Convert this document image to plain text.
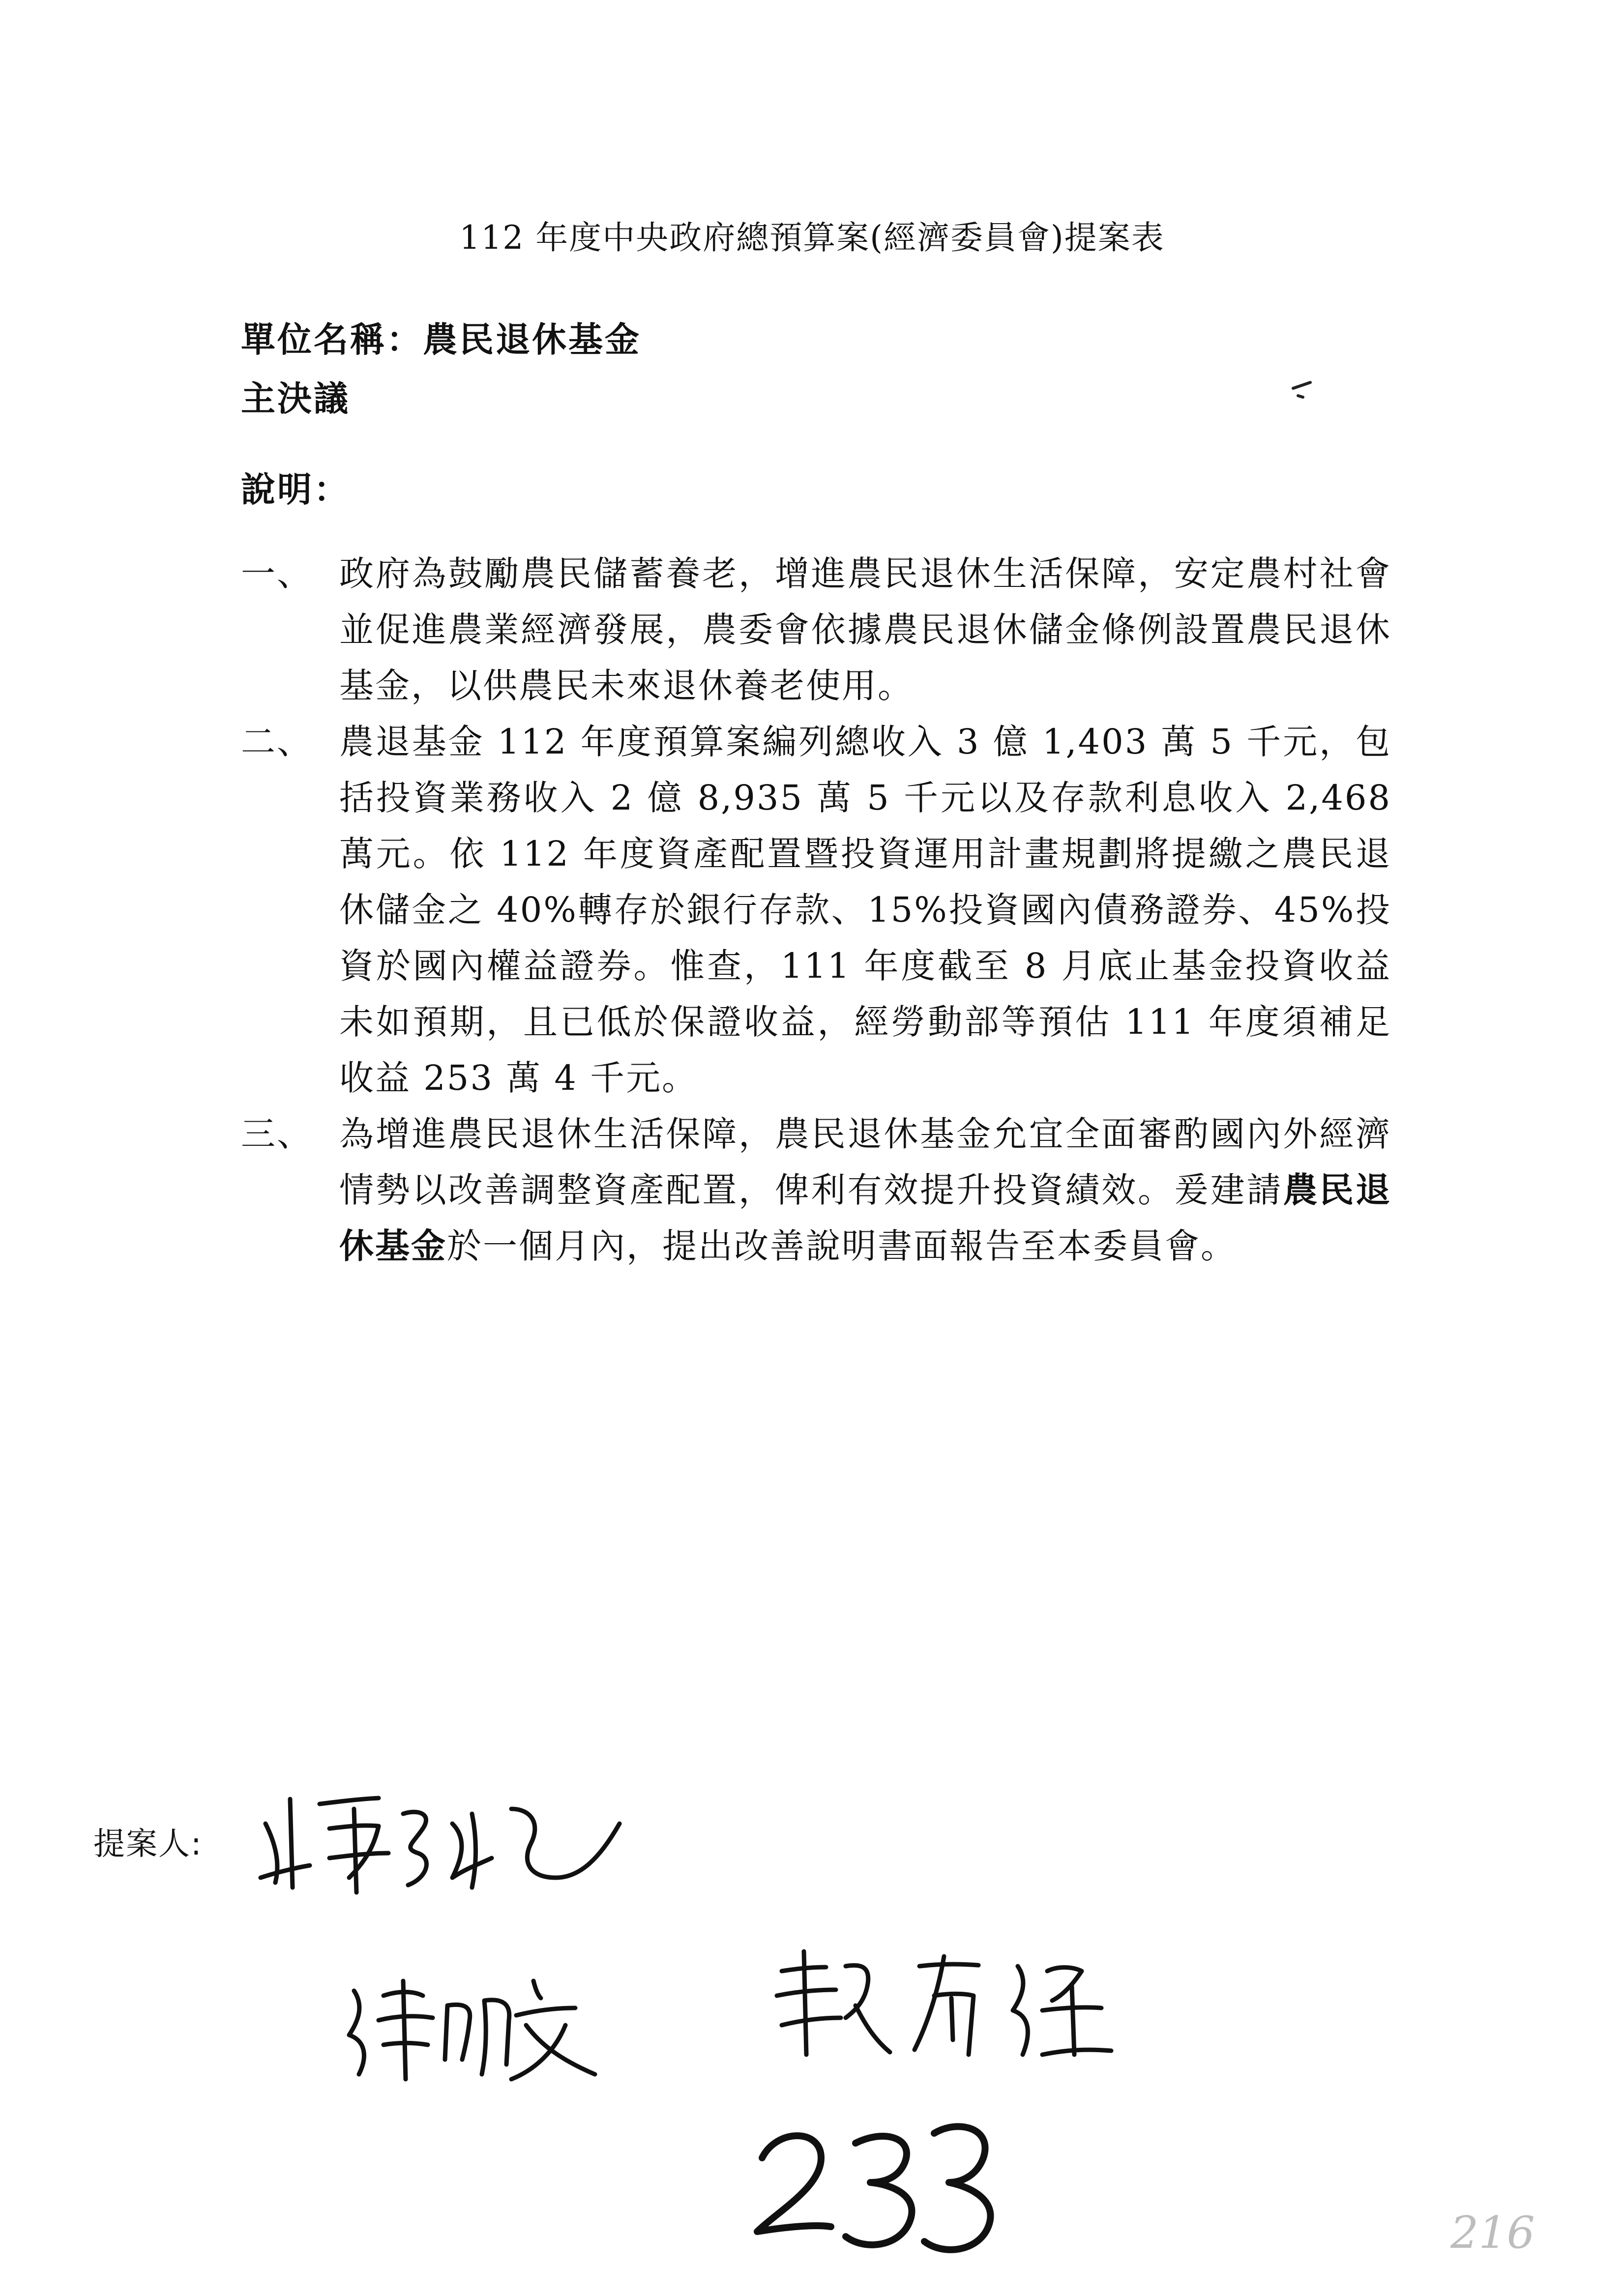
112 年度中央政府總預算案(經濟委員會)提案表
單位名稱：農民退休基金
主決議
說明：
一、 政府為鼓勵農民儲蓄養老，增進農民退休生活保障，安定農村社會並促進農業經濟發展，農委會依據農民退休儲金條例設置農民退休基金，以供農民未來退休養老使用。
二、 農退基金 112 年度預算案編列總收入 3 億 1,403 萬 5 千元，包括投資業務收入 2 億 8,935 萬 5 千元以及存款利息收入 2,468 萬元。依 112 年度資產配置暨投資運用計畫規劃將提繳之農民退休儲金之 40%轉存於銀行存款、15%投資國內債務證券、45%投資於國內權益證券。惟查，111 年度截至 8 月底止基金投資收益未如預期，且已低於保證收益，經勞動部等預估 111 年度須補足收益 253 萬 4 千元。
三、 為增進農民退休生活保障，農民退休基金允宜全面審酌國內外經濟情勢以改善調整資產配置，俾利有效提升投資績效。爰建請農民退休基金於一個月內，提出改善說明書面報告至本委員會。
提案人:
216
